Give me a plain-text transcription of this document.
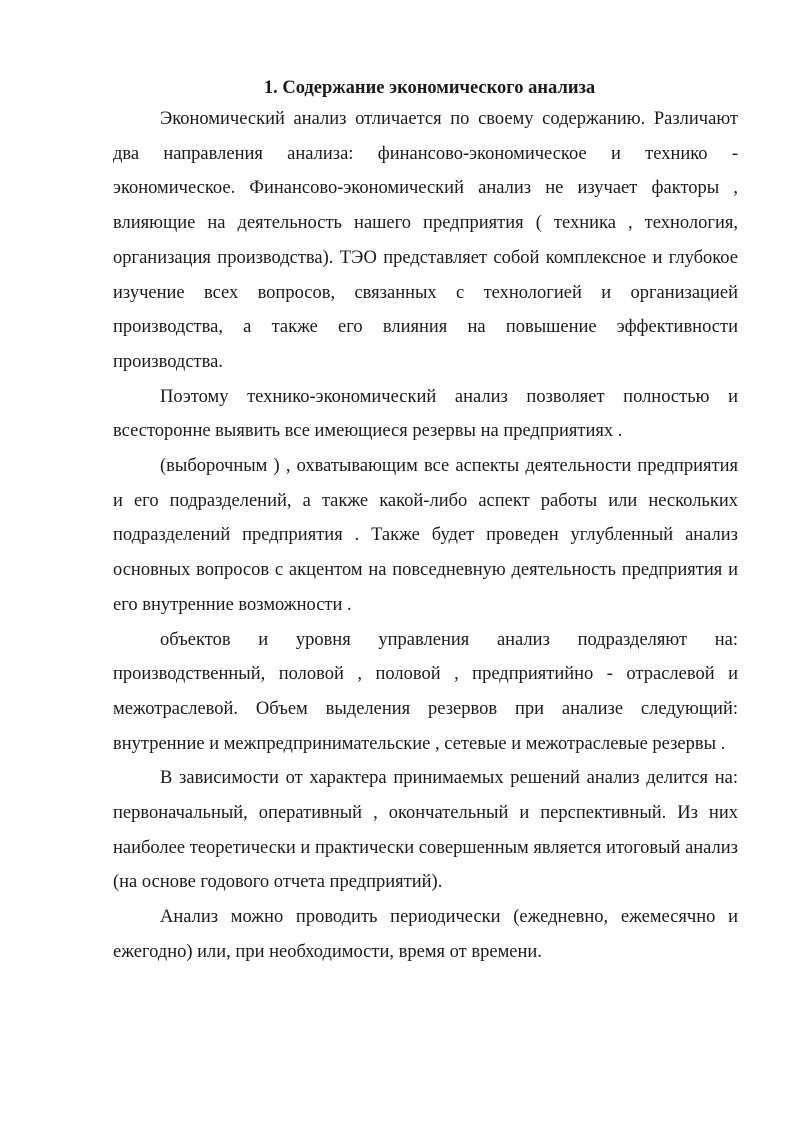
1. Содержание экономического анализа

Экономический анализ отличается по своему содержанию. Различают два направления анализа: финансово-экономическое и технико - экономическое. Финансово-экономический анализ не изучает факторы , влияющие на деятельность нашего предприятия ( техника , технология, организация производства). ТЭО представляет собой комплексное и глубокое изучение всех вопросов, связанных с технологией и организацией производства, а также его влияния на повышение эффективности производства.

Поэтому технико-экономический анализ позволяет полностью и всесторонне выявить все имеющиеся резервы на предприятиях .

(выборочным ) , охватывающим все аспекты деятельности предприятия и его подразделений, а также какой-либо аспект работы или нескольких подразделений предприятия . Также будет проведен углубленный анализ основных вопросов с акцентом на повседневную деятельность предприятия и его внутренние возможности .

объектов и уровня управления анализ подразделяют на: производственный, половой , половой , предприятийно - отраслевой и межотраслевой. Объем выделения резервов при анализе следующий: внутренние и межпредпринимательские , сетевые и межотраслевые резервы .

В зависимости от характера принимаемых решений анализ делится на: первоначальный, оперативный , окончательный и перспективный. Из них наиболее теоретически и практически совершенным является итоговый анализ (на основе годового отчета предприятий).

Анализ можно проводить периодически (ежедневно, ежемесячно и ежегодно) или, при необходимости, время от времени.
